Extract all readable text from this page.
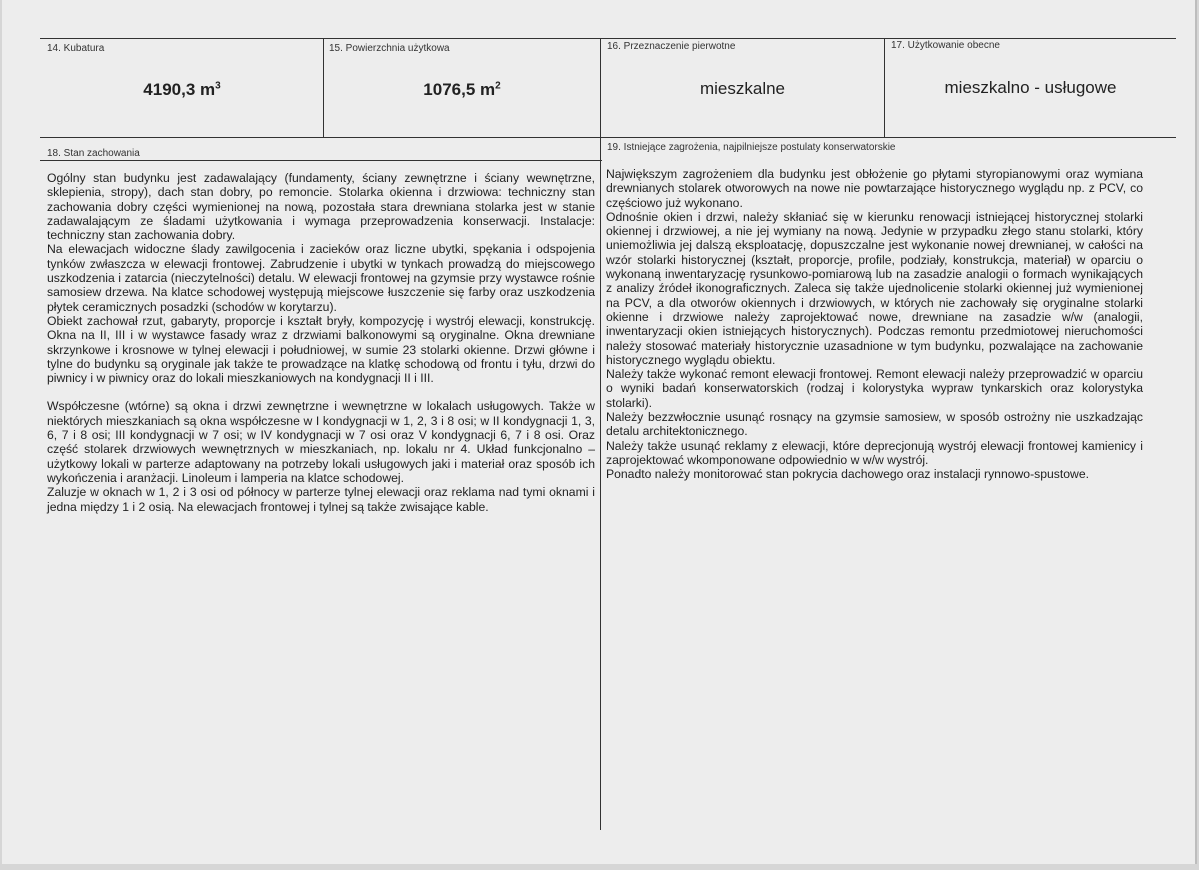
14. Kubatura
4190,3 $m^3$
15. Powierzchnia użytkowa
1076,5 $m^2$
16. Przeznaczenie pierwotne
mieszkalne
17. Użytkowanie obecne
mieszkalno - usługowe
18. Stan zachowania

Ogólny stan budynku jest zadawalający (fundamenty, ściany zewnętrzne i ściany wewnętrzne, sklepienia, stropy), dach stan dobry, po remoncie. Stolarka okienna i drzwiowa: techniczny stan zachowania dobry części wymienionej na nową, pozostała stara drewniana stolarka jest w stanie zadawalającym ze śladami użytkowania i wymaga przeprowadzenia konserwacji. Instalacje: techniczny stan zachowania dobry.

Na elewacjach widoczne ślady zawilgocenia i zacieków oraz liczne ubytki, spękania i odspojenia tynków zwłaszcza w elewacji frontowej. Zabrudzenie i ubytki w tynkach prowadzą do miejscowego uszkodzenia i zatarcia (nieczytelności) detalu. W elewacji frontowej na gzymsie przy wystawce rośnie samosiew drzewa. Na klatce schodowej występują miejscowe łuszczenie się farby oraz uszkodzenia płytek ceramicznych posadzki (schodów w korytarzu).

Obiekt zachował rzut, gabaryty, proporcje i kształt bryły, kompozycję i wystrój elewacji, konstrukcję. Okna na II, III i w wystawce fasady wraz z drzwiami balkonowymi są oryginalne. Okna drewniane skrzynkowe i krosnowe w tylnej elewacji i południowej, w sumie 23 stolarki okienne. Drzwi główne i tylne do budynku są oryginale jak także te prowadzące na klatkę schodową od frontu i tyłu, drzwi do piwnicy i w piwnicy oraz do lokali mieszkaniowych na kondygnacji II i III.

Współczesne (wtórne) są okna i drzwi zewnętrzne i wewnętrzne w lokalach usługowych. Także w niektórych mieszkaniach są okna współczesne w I kondygnacji w 1, 2, 3 i 8 osi; w II kondygnacji 1, 3, 6, 7 i 8 osi; III kondygnacji w 7 osi; w IV kondygnacji w 7 osi oraz V kondygnacji 6, 7 i 8 osi. Oraz część stolarek drzwiowych wewnętrznych w mieszkaniach, np. lokalu nr 4. Układ funkcjonalno – użytkowy lokali w parterze adaptowany na potrzeby lokali usługowych jaki i materiał oraz sposób ich wykończenia i aranżacji. Linoleum i lamperia na klatce schodowej.

Zaluzje w oknach w 1, 2 i 3 osi od północy w parterze tylnej elewacji oraz reklama nad tymi oknami i jedna między 1 i 2 osią. Na elewacjach frontowej i tylnej są także zwisające kable.

19. Istniejące zagrożenia, najpilniejsze postulaty konserwatorskie

Największym zagrożeniem dla budynku jest obłożenie go płytami styropianowymi oraz wymiana drewnianych stolarek otworowych na nowe nie powtarzające historycznego wyglądu np. z PCV, co częściowo już wykonano.

Odnośnie okien i drzwi, należy skłaniać się w kierunku renowacji istniejącej historycznej stolarki okiennej i drzwiowej, a nie jej wymiany na nową. Jedynie w przypadku złego stanu stolarki, który uniemożliwia jej dalszą eksploatację, dopuszczalne jest wykonanie nowej drewnianej, w całości na wzór stolarki historycznej (kształt, proporcje, profile, podziały, konstrukcja, materiał) w oparciu o wykonaną inwentaryzację rysunkowo-pomiarową lub na zasadzie analogii o formach wynikających z analizy źródeł ikonograficznych. Zaleca się także ujednolicenie stolarki okiennej już wymienionej na PCV, a dla otworów okiennych i drzwiowych, w których nie zachowały się oryginalne stolarki okienne i drzwiowe należy zaprojektować nowe, drewniane na zasadzie w/w (analogii, inwentaryzacji okien istniejących historycznych). Podczas remontu przedmiotowej nieruchomości należy stosować materiały historycznie uzasadnione w tym budynku, pozwalające na zachowanie historycznego wyglądu obiektu.

Należy także wykonać remont elewacji frontowej. Remont elewacji należy przeprowadzić w oparciu o wyniki badań konserwatorskich (rodzaj i kolorystyka wypraw tynkarskich oraz kolorystyka stolarki).

Należy bezzwłocznie usunąć rosnący na gzymsie samosiew, w sposób ostrożny nie uszkadzając detalu architektonicznego.

Należy także usunąć reklamy z elewacji, które deprecjonują wystrój elewacji frontowej kamienicy i zaprojektować wkomponowane odpowiednio w w/w wystrój.

Ponadto należy monitorować stan pokrycia dachowego oraz instalacji rynnowo-spustowe.
